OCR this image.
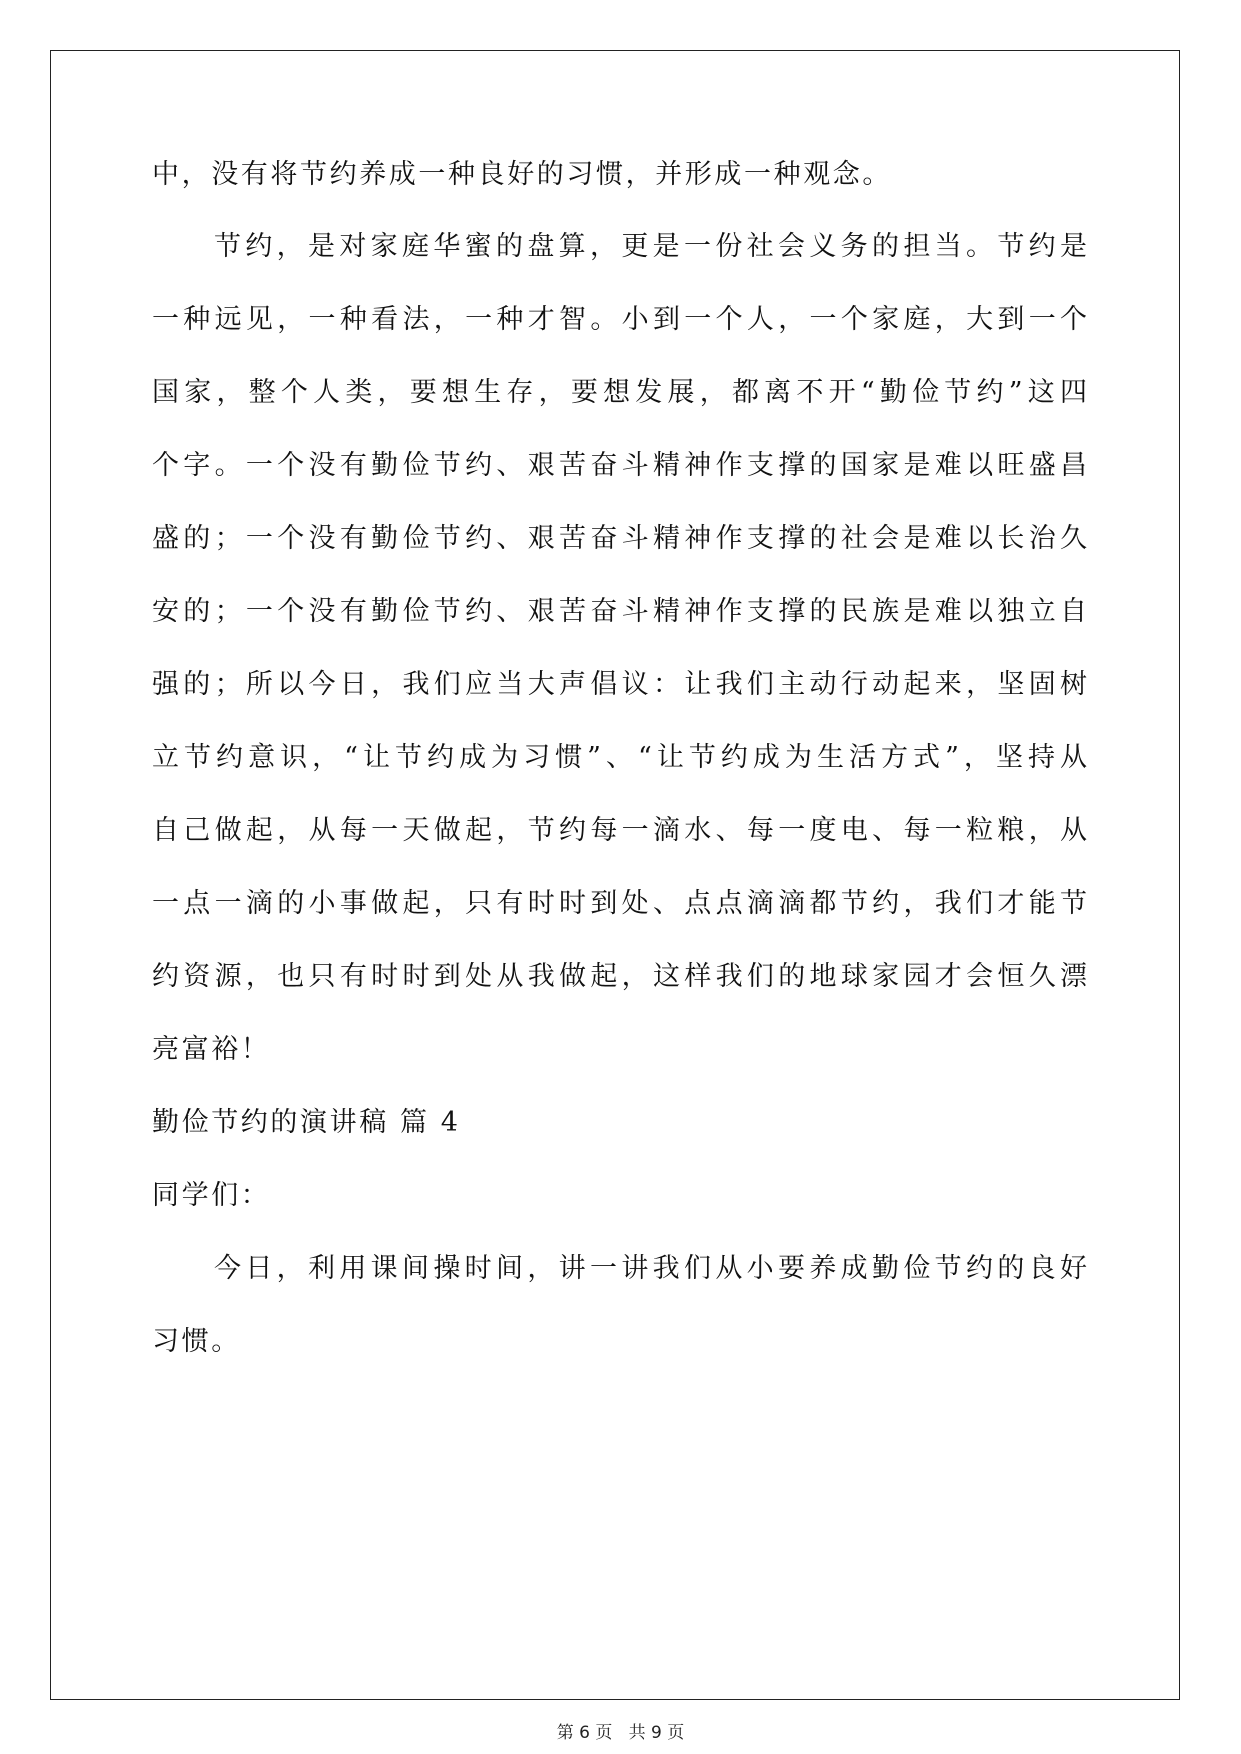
中，没有将节约养成一种良好的习惯，并形成一种观念。
节约，是对家庭华蜜的盘算，更是一份社会义务的担当。节约是
一种远见，一种看法，一种才智。小到一个人，一个家庭，大到一个
国家，整个人类，要想生存，要想发展，都离不开“勤俭节约”这四
个字。一个没有勤俭节约、艰苦奋斗精神作支撑的国家是难以旺盛昌
盛的；一个没有勤俭节约、艰苦奋斗精神作支撑的社会是难以长治久
安的；一个没有勤俭节约、艰苦奋斗精神作支撑的民族是难以独立自
强的；所以今日，我们应当大声倡议：让我们主动行动起来，坚固树
立节约意识，“让节约成为习惯”、“让节约成为生活方式”，坚持从
自己做起，从每一天做起，节约每一滴水、每一度电、每一粒粮，从
一点一滴的小事做起，只有时时到处、点点滴滴都节约，我们才能节
约资源，也只有时时到处从我做起，这样我们的地球家园才会恒久漂
亮富裕！
勤俭节约的演讲稿 篇 4
同学们：
今日，利用课间操时间，讲一讲我们从小要养成勤俭节约的良好
习惯。
第 6 页   共 9 页
